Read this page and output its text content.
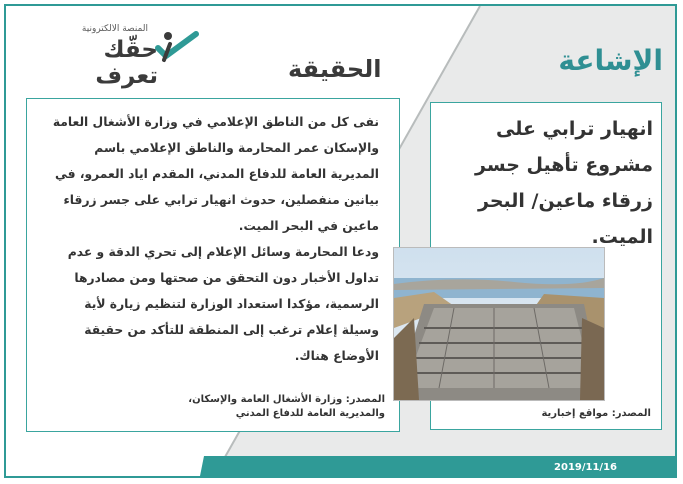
المنصة الالكترونية
حقّك تعرف	الحقيقة	الإشاعة

نفى كل من الناطق الإعلامي في وزارة الأشغال العامة والإسكان عمر المحارمة والناطق الإعلامي باسم المديرية العامة للدفاع المدني، المقدم اياد العمرو، في بيانين منفصلين، حدوث انهيار ترابي على جسر زرقاء ماعين في البحر الميت.

ودعا المحارمة وسائل الإعلام إلى تحري الدقة و عدم تداول الأخبار دون التحقق من صحتها ومن مصادرها الرسمية، مؤكدا استعداد الوزارة لتنظيم زيارة لأية وسيلة إعلام ترغب إلى المنطقة للتأكد من حقيقة الأوضاع هناك.

المصدر: وزارة الأشغال العامة والإسكان،
والمديرية العامة للدفاع المدني
انهيار ترابي على مشروع تأهيل جسر زرقاء ماعين/ البحر الميت.
المصدر: مواقع إخبارية
2019/11/16
